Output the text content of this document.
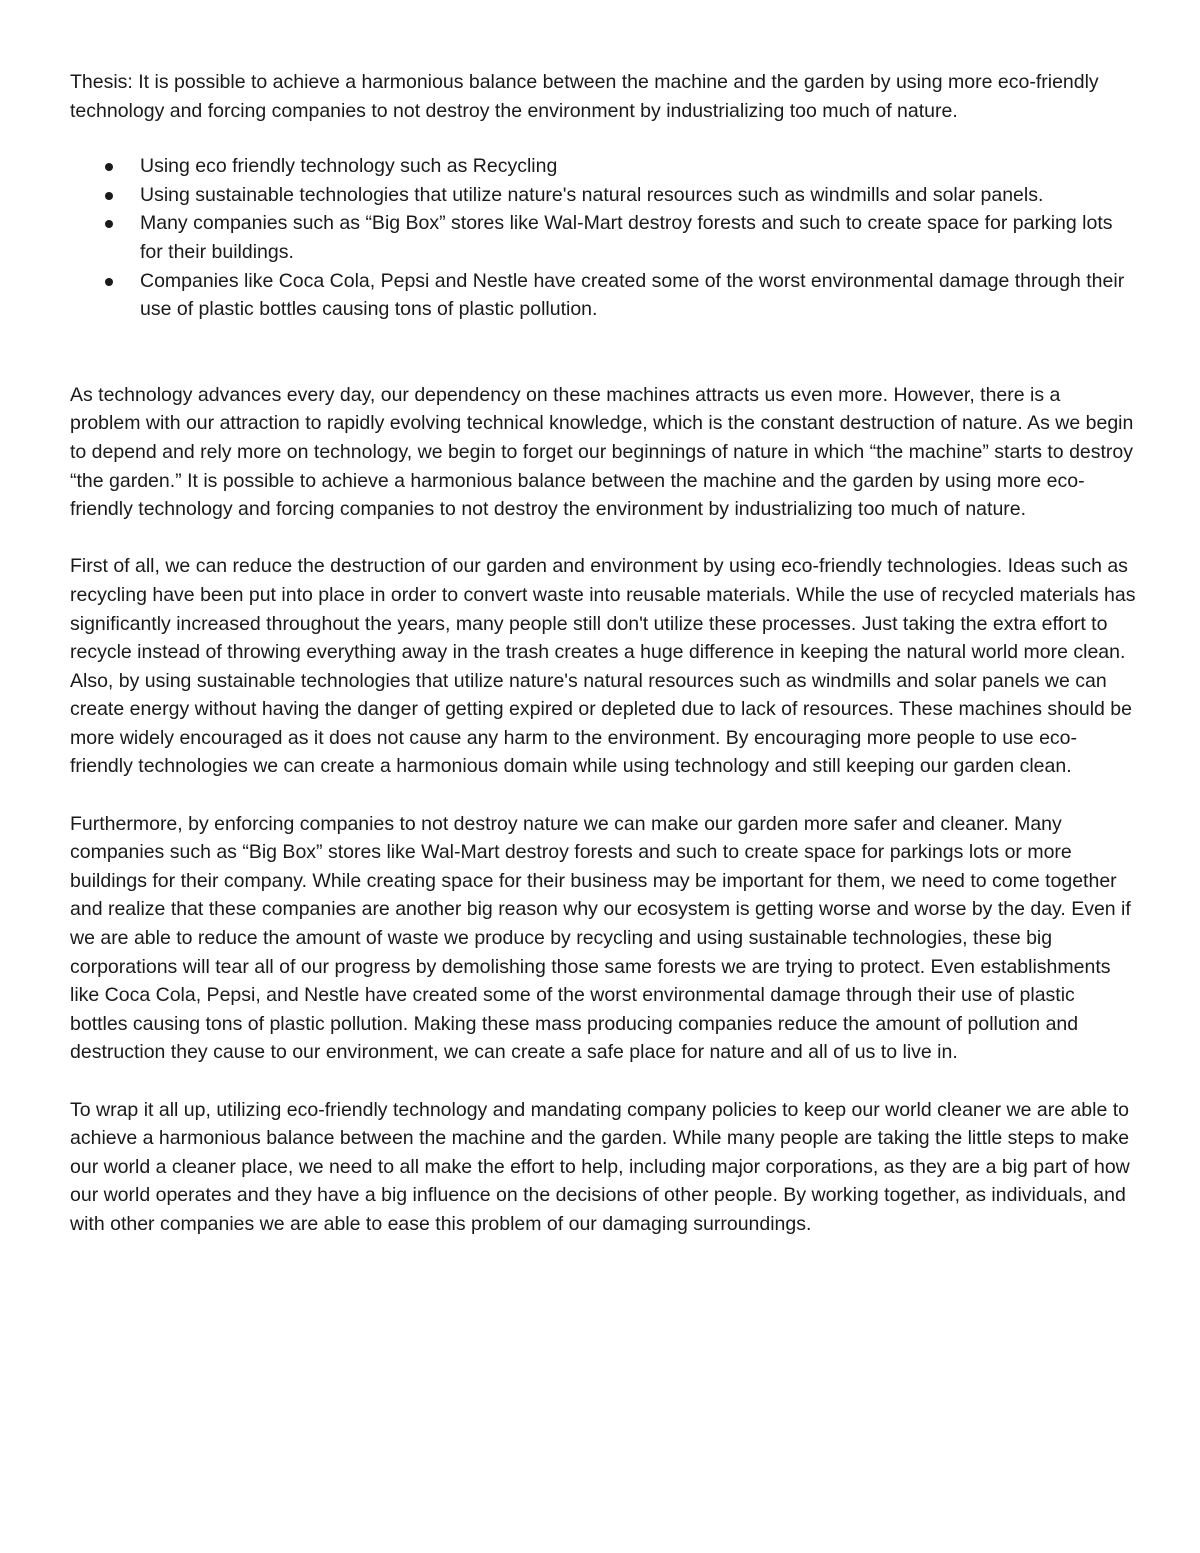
Thesis: It is possible to achieve a harmonious balance between the machine and the garden by using more eco-friendly technology and forcing companies to not destroy the environment by industrializing too much of nature.

Using eco friendly technology such as Recycling
Using sustainable technologies that utilize nature's natural resources such as windmills and solar panels.
Many companies such as “Big Box” stores like Wal-Mart destroy forests and such to create space for parking lots for their buildings.
Companies like Coca Cola, Pepsi and Nestle have created some of the worst environmental damage through their use of plastic bottles causing tons of plastic pollution.

As technology advances every day, our dependency on these machines attracts us even more. However, there is a problem with our attraction to rapidly evolving technical knowledge, which is the constant destruction of nature. As we begin to depend and rely more on technology, we begin to forget our beginnings of nature in which “the machine” starts to destroy “the garden.” It is possible to achieve a harmonious balance between the machine and the garden by using more eco-friendly technology and forcing companies to not destroy the environment by industrializing too much of nature.

First of all, we can reduce the destruction of our garden and environment by using eco-friendly technologies. Ideas such as recycling have been put into place in order to convert waste into reusable materials. While the use of recycled materials has significantly increased throughout the years, many people still don't utilize these processes. Just taking the extra effort to recycle instead of throwing everything away in the trash creates a huge difference in keeping the natural world more clean. Also, by using sustainable technologies that utilize nature's natural resources such as windmills and solar panels we can create energy without having the danger of getting expired or depleted due to lack of resources. These machines should be more widely encouraged as it does not cause any harm to the environment. By encouraging more people to use eco-friendly technologies we can create a harmonious domain while using technology and still keeping our garden clean.

Furthermore, by enforcing companies to not destroy nature we can make our garden more safer and cleaner. Many companies such as “Big Box” stores like Wal-Mart destroy forests and such to create space for parkings lots or more buildings for their company. While creating space for their business may be important for them, we need to come together and realize that these companies are another big reason why our ecosystem is getting worse and worse by the day. Even if we are able to reduce the amount of waste we produce by recycling and using sustainable technologies, these big corporations will tear all of our progress by demolishing those same forests we are trying to protect. Even establishments like Coca Cola, Pepsi, and Nestle have created some of the worst environmental damage through their use of plastic bottles causing tons of plastic pollution. Making these mass producing companies reduce the amount of pollution and destruction they cause to our environment, we can create a safe place for nature and all of us to live in.

To wrap it all up, utilizing eco-friendly technology and mandating company policies to keep our world cleaner we are able to achieve a harmonious balance between the machine and the garden. While many people are taking the little steps to make our world a cleaner place, we need to all make the effort to help, including major corporations, as they are a big part of how our world operates and they have a big influence on the decisions of other people. By working together, as individuals, and with other companies we are able to ease this problem of our damaging surroundings.
